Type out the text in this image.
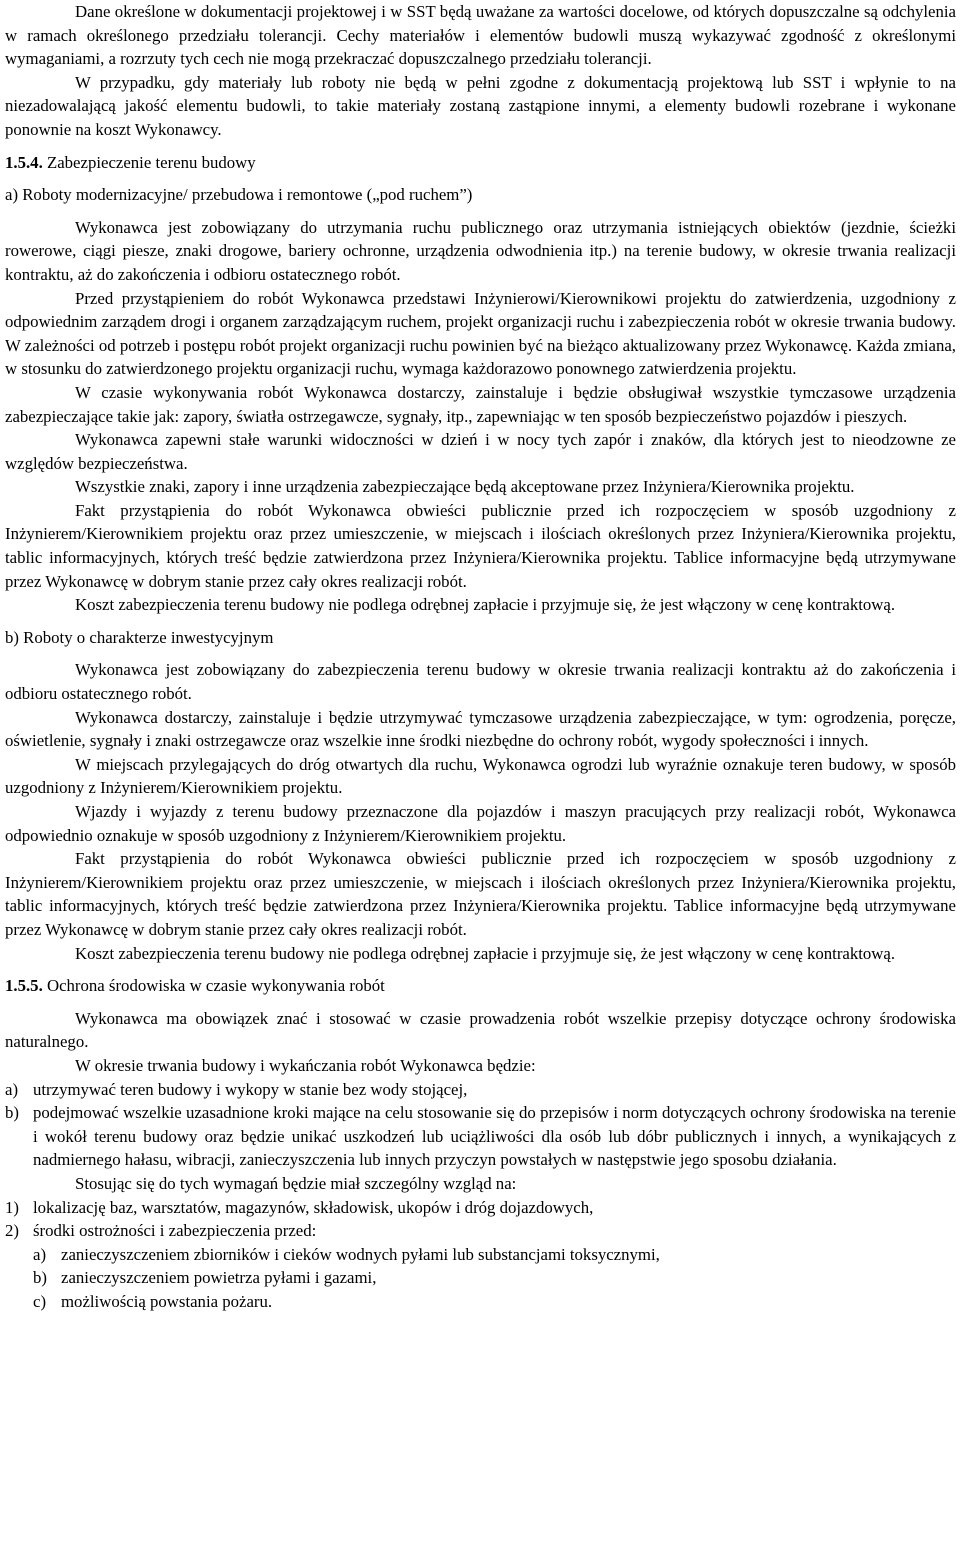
Dane określone w dokumentacji projektowej i w SST będą uważane za wartości docelowe, od których dopuszczalne są odchylenia w ramach określonego przedziału tolerancji. Cechy materiałów i elementów budowli muszą wykazywać zgodność z określonymi wymaganiami, a rozrzuty tych cech nie mogą przekraczać dopuszczalnego przedziału tolerancji.

W przypadku, gdy materiały lub roboty nie będą w pełni zgodne z dokumentacją projektową lub SST i wpłynie to na niezadowalającą jakość elementu budowli, to takie materiały zostaną zastąpione innymi, a elementy budowli rozebrane i wykonane ponownie na koszt Wykonawcy.

1.5.4. Zabezpieczenie terenu budowy

a) Roboty modernizacyjne/ przebudowa i remontowe („pod ruchem”)

Wykonawca jest zobowiązany do utrzymania ruchu publicznego oraz utrzymania istniejących obiektów (jezdnie, ścieżki rowerowe, ciągi piesze, znaki drogowe, bariery ochronne, urządzenia odwodnienia itp.) na terenie budowy, w okresie trwania realizacji kontraktu, aż do zakończenia i odbioru ostatecznego robót.

Przed przystąpieniem do robót Wykonawca przedstawi Inżynierowi/Kierownikowi projektu do zatwierdzenia, uzgodniony z odpowiednim zarządem drogi i organem zarządzającym ruchem, projekt organizacji ruchu i zabezpieczenia robót w okresie trwania budowy. W zależności od potrzeb i postępu robót projekt organizacji ruchu powinien być na bieżąco aktualizowany przez Wykonawcę. Każda zmiana, w stosunku do zatwierdzonego projektu organizacji ruchu, wymaga każdorazowo ponownego zatwierdzenia projektu.

W czasie wykonywania robót Wykonawca dostarczy, zainstaluje i będzie obsługiwał wszystkie tymczasowe urządzenia zabezpieczające takie jak: zapory, światła ostrzegawcze, sygnały, itp., zapewniając w ten sposób bezpieczeństwo pojazdów i pieszych.

Wykonawca zapewni stałe warunki widoczności w dzień i w nocy tych zapór i znaków, dla których jest to nieodzowne ze względów bezpieczeństwa.

Wszystkie znaki, zapory i inne urządzenia zabezpieczające będą akceptowane przez Inżyniera/Kierownika projektu.

Fakt przystąpienia do robót Wykonawca obwieści publicznie przed ich rozpoczęciem w sposób uzgodniony z Inżynierem/Kierownikiem projektu oraz przez umieszczenie, w miejscach i ilościach określonych przez Inżyniera/Kierownika projektu, tablic informacyjnych, których treść będzie zatwierdzona przez Inżyniera/Kierownika projektu. Tablice informacyjne będą utrzymywane przez Wykonawcę w dobrym stanie przez cały okres realizacji robót.

Koszt zabezpieczenia terenu budowy nie podlega odrębnej zapłacie i przyjmuje się, że jest włączony w cenę kontraktową.

b) Roboty o charakterze inwestycyjnym

Wykonawca jest zobowiązany do zabezpieczenia terenu budowy w okresie trwania realizacji kontraktu aż do zakończenia i odbioru ostatecznego robót.

Wykonawca dostarczy, zainstaluje i będzie utrzymywać tymczasowe urządzenia zabezpieczające, w tym: ogrodzenia, poręcze, oświetlenie, sygnały i znaki ostrzegawcze oraz wszelkie inne środki niezbędne do ochrony robót, wygody społeczności i innych.

W miejscach przylegających do dróg otwartych dla ruchu, Wykonawca ogrodzi lub wyraźnie oznakuje teren budowy, w sposób uzgodniony z Inżynierem/Kierownikiem projektu.

Wjazdy i wyjazdy z terenu budowy przeznaczone dla pojazdów i maszyn pracujących przy realizacji robót, Wykonawca odpowiednio oznakuje w sposób uzgodniony z Inżynierem/Kierownikiem projektu.

Fakt przystąpienia do robót Wykonawca obwieści publicznie przed ich rozpoczęciem w sposób uzgodniony z Inżynierem/Kierownikiem projektu oraz przez umieszczenie, w miejscach i ilościach określonych przez Inżyniera/Kierownika projektu, tablic informacyjnych, których treść będzie zatwierdzona przez Inżyniera/Kierownika projektu. Tablice informacyjne będą utrzymywane przez Wykonawcę w dobrym stanie przez cały okres realizacji robót.

Koszt zabezpieczenia terenu budowy nie podlega odrębnej zapłacie i przyjmuje się, że jest włączony w cenę kontraktową.

1.5.5. Ochrona środowiska w czasie wykonywania robót

Wykonawca ma obowiązek znać i stosować w czasie prowadzenia robót wszelkie przepisy dotyczące ochrony środowiska naturalnego.

W okresie trwania budowy i wykańczania robót Wykonawca będzie:

a) utrzymywać teren budowy i wykopy w stanie bez wody stojącej,
b) podejmować wszelkie uzasadnione kroki mające na celu stosowanie się do przepisów i norm dotyczących ochrony środowiska na terenie i wokół terenu budowy oraz będzie unikać uszkodzeń lub uciążliwości dla osób lub dóbr publicznych i innych, a wynikających z nadmiernego hałasu, wibracji, zanieczyszczenia lub innych przyczyn powstałych w następstwie jego sposobu działania.

Stosując się do tych wymagań będzie miał szczególny wzgląd na:

1) lokalizację baz, warsztatów, magazynów, składowisk, ukopów i dróg dojazdowych,
2) środki ostrożności i zabezpieczenia przed:
a) zanieczyszczeniem zbiorników i cieków wodnych pyłami lub substancjami toksycznymi,
b) zanieczyszczeniem powietrza pyłami i gazami,
c) możliwością powstania pożaru.
